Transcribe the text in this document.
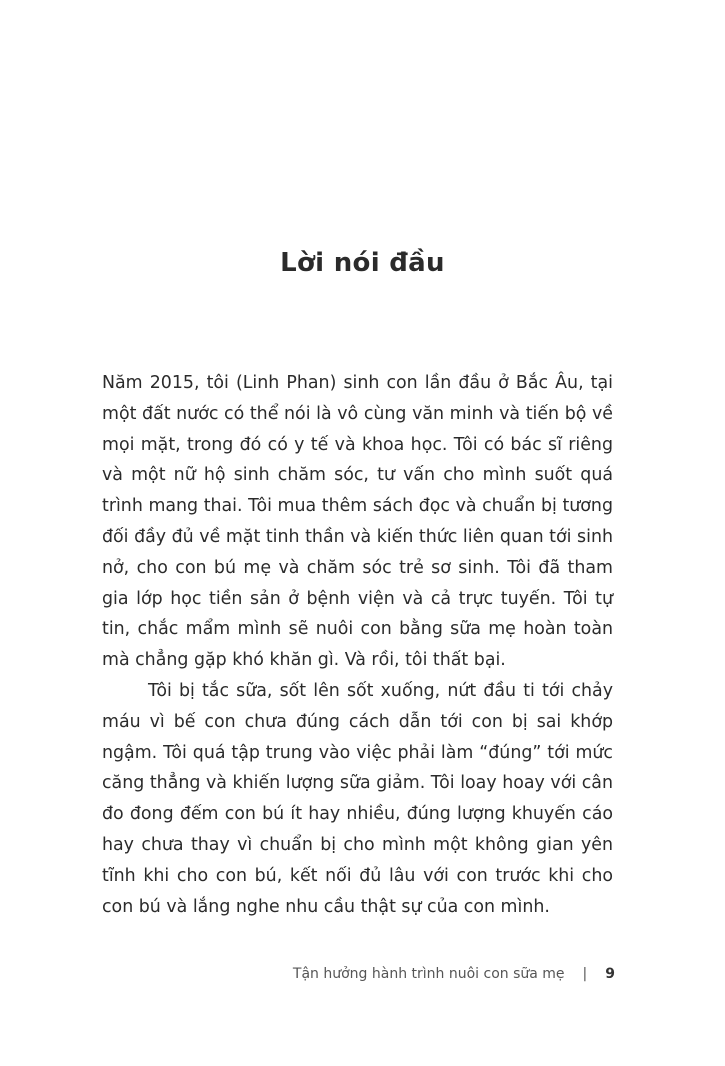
Lời nói đầu

Năm 2015, tôi (Linh Phan) sinh con lần đầu ở Bắc Âu, tại một đất nước có thể nói là vô cùng văn minh và tiến bộ về mọi mặt, trong đó có y tế và khoa học. Tôi có bác sĩ riêng và một nữ hộ sinh chăm sóc, tư vấn cho mình suốt quá trình mang thai. Tôi mua thêm sách đọc và chuẩn bị tương đối đầy đủ về mặt tinh thần và kiến thức liên quan tới sinh nở, cho con bú mẹ và chăm sóc trẻ sơ sinh. Tôi đã tham gia lớp học tiền sản ở bệnh viện và cả trực tuyến. Tôi tự tin, chắc mẩm mình sẽ nuôi con bằng sữa mẹ hoàn toàn mà chẳng gặp khó khăn gì. Và rồi, tôi thất bại.

Tôi bị tắc sữa, sốt lên sốt xuống, nứt đầu ti tới chảy máu vì bế con chưa đúng cách dẫn tới con bị sai khớp ngậm. Tôi quá tập trung vào việc phải làm “đúng” tới mức căng thẳng và khiến lượng sữa giảm. Tôi loay hoay với cân đo đong đếm con bú ít hay nhiều, đúng lượng khuyến cáo hay chưa thay vì chuẩn bị cho mình một không gian yên tĩnh khi cho con bú, kết nối đủ lâu với con trước khi cho con bú và lắng nghe nhu cầu thật sự của con mình.

Tận hưởng hành trình nuôi con sữa mẹ | 9
